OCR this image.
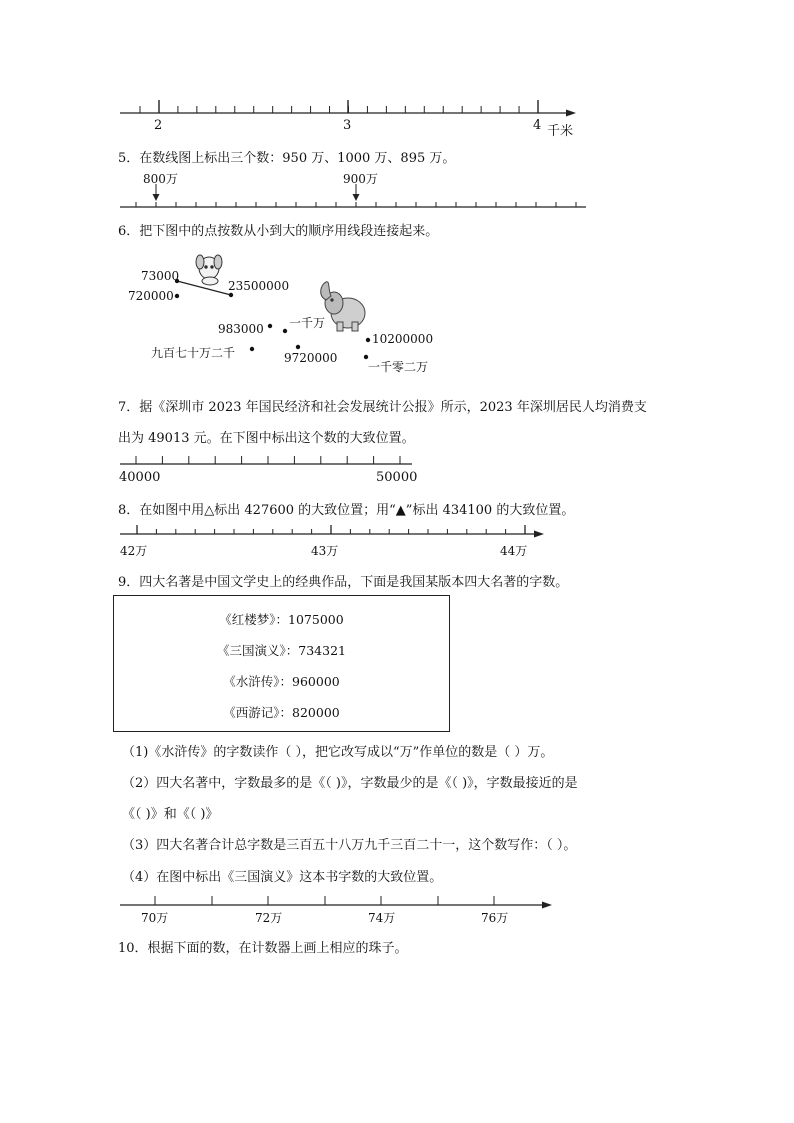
2	3	4 千米
5．在数线图上标出三个数：950 万、1000 万、895 万。
800万	900万
6．把下图中的点按数从小到大的顺序用线段连接起来。
73000
720000
23500000
983000 一千万
九百七十万二千	9720000
10200000
一千零二万
7．据《深圳市 2023 年国民经济和社会发展统计公报》所示，2023 年深圳居民人均消费支
出为 49013 元。在下图中标出这个数的大致位置。
40000	50000
8．在如图中用△标出 427600 的大致位置；用“▲”标出 434100 的大致位置。
42万	43万	44万
9．四大名著是中国文学史上的经典作品，下面是我国某版本四大名著的字数。
《红楼梦》：1075000
《三国演义》：734321
《水浒传》：960000
《西游记》：820000
（1)《水浒传》的字数读作（ ），把它改写成以“万”作单位的数是（ ）万。
（2）四大名著中，字数最多的是《（ )》，字数最少的是《（ )》，字数最接近的是
《（ )》和《（ )》
（3）四大名著合计总字数是三百五十八万九千三百二十一，这个数写作：（ ）。
（4）在图中标出《三国演义》这本书字数的大致位置。
70万	72万	74万	76万
10．根据下面的数，在计数器上画上相应的珠子。
